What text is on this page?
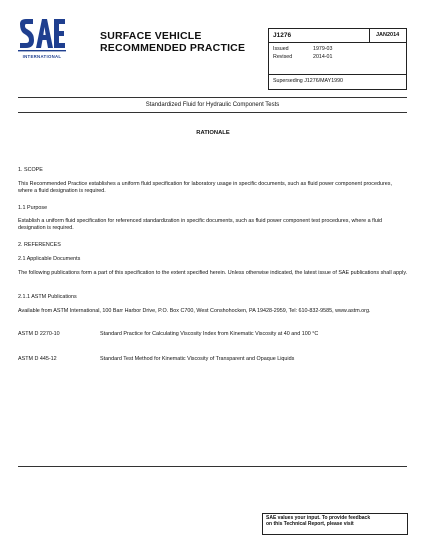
INTERNATIONAL
SURFACE VEHICLE
RECOMMENDED PRACTICE
J1276	JAN2014
Issued	1979-03
Revised	2014-01
Superseding J1276/MAY1990
Standardized Fluid for Hydraulic Component Tests
RATIONALE
1. SCOPE
This Recommended Practice establishes a uniform fluid specification for laboratory usage in specific documents, such as fluid power component procedures, where a fluid designation is required.
1.1 Purpose
Establish a uniform fluid specification for referenced standardization in specific documents, such as fluid power component test procedures, where a fluid designation is required.
2. REFERENCES
2.1 Applicable Documents
The following publications form a part of this specification to the extent specified herein. Unless otherwise indicated, the latest issue of SAE publications shall apply.
2.1.1 ASTM Publications
Available from ASTM International, 100 Barr Harbor Drive, P.O. Box C700, West Conshohocken, PA 19428-2959, Tel: 610-832-9585, www.astm.org.
ASTM D 2270-10	Standard Practice for Calculating Viscosity Index from Kinematic Viscosity at 40 and 100 °C
ASTM D 445-12	Standard Test Method for Kinematic Viscosity of Transparent and Opaque Liquids
SAE values your input. To provide feedback
on this Technical Report, please visit
